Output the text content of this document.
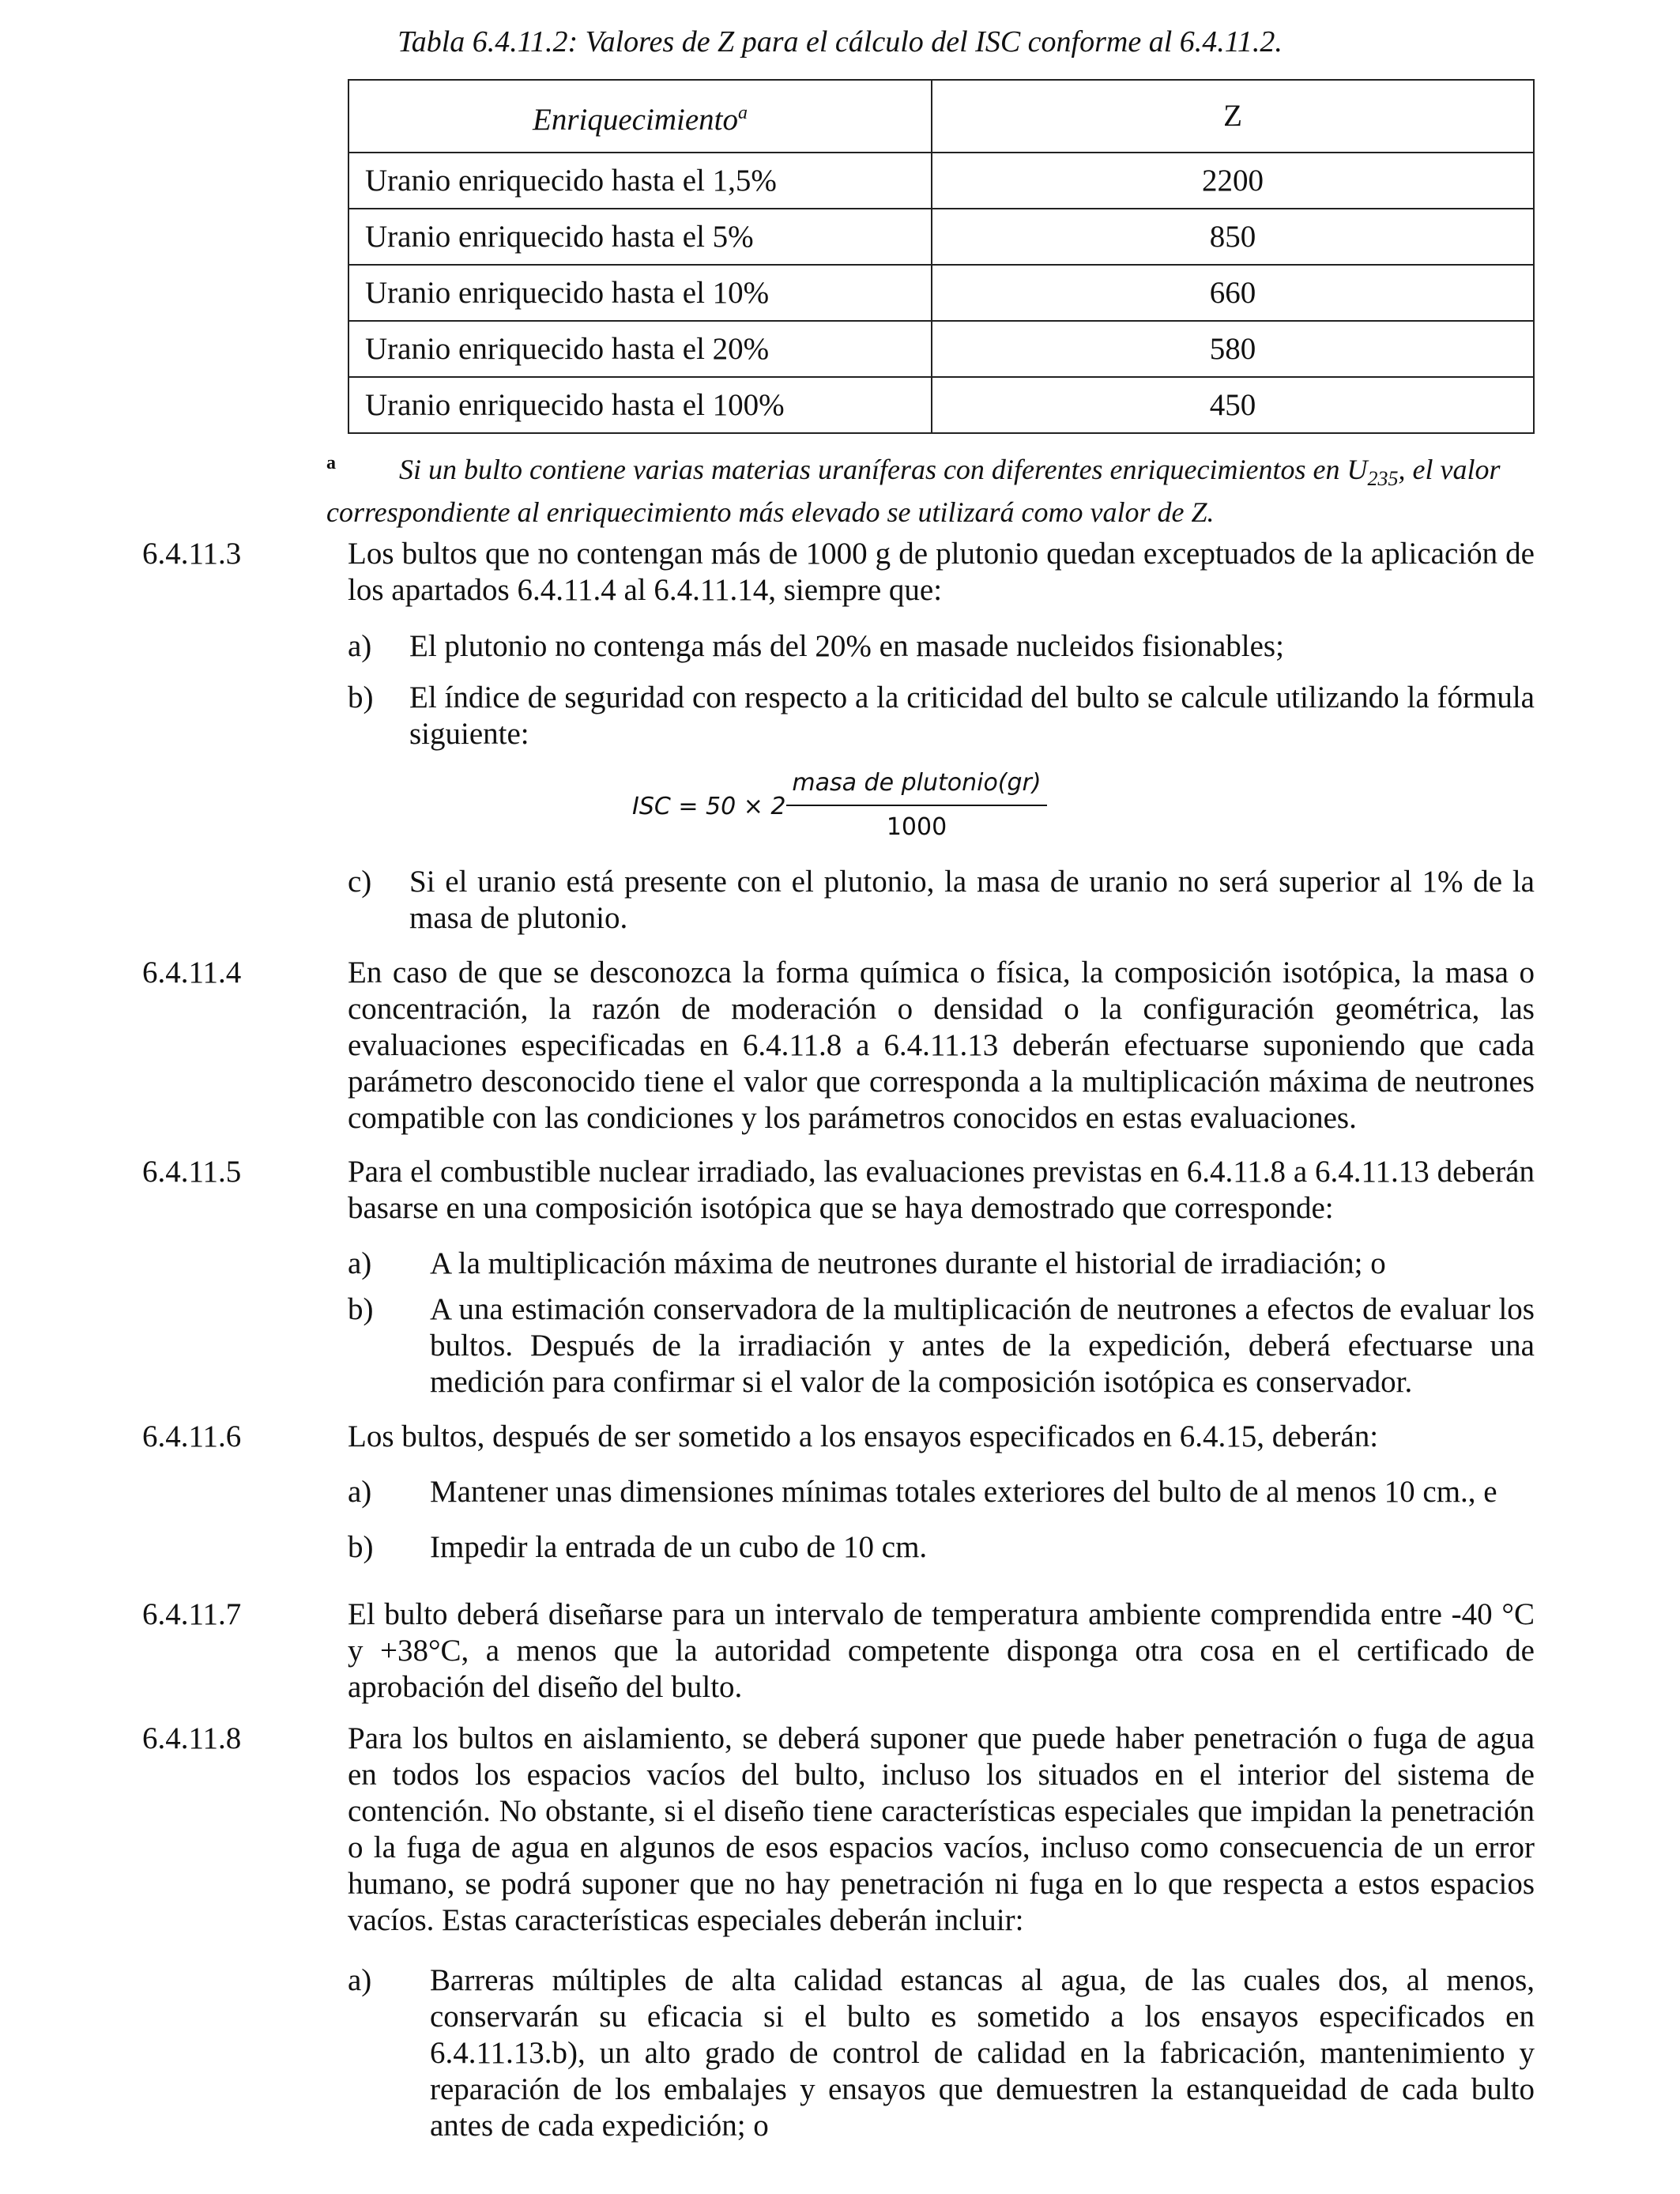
Tabla 6.4.11.2: Valores de Z para el cálculo del ISC conforme al 6.4.11.2.
Enriquecimiento$^a$	Z
Uranio enriquecido hasta el 1,5%	2200
Uranio enriquecido hasta el 5%	850
Uranio enriquecido hasta el 10%	660
Uranio enriquecido hasta el 20%	580
Uranio enriquecido hasta el 100%	450
$^a$ Si un bulto contiene varias materias uraníferas con diferentes enriquecimientos en $U_{235}$, el valor correspondiente al enriquecimiento más elevado se utilizará como valor de Z.
6.4.11.3	Los bultos que no contengan más de 1000 g de plutonio quedan exceptuados de la aplicación de los apartados 6.4.11.4 al 6.4.11.14, siempre que:
a) El plutonio no contenga más del 20% en masade nucleidos fisionables;
b) El índice de seguridad con respecto a la criticidad del bulto se calcule utilizando la fórmula siguiente:
ISC = 50 × 2
masa de plutonio(gr)
1000
c) Si el uranio está presente con el plutonio, la masa de uranio no será superior al 1% de la masa de plutonio.
6.4.11.4	En caso de que se desconozca la forma química o física, la composición isotópica, la masa o concentración, la razón de moderación o densidad o la configuración geométrica, las evaluaciones especificadas en 6.4.11.8 a 6.4.11.13 deberán efectuarse suponiendo que cada parámetro desconocido tiene el valor que corresponda a la multiplicación máxima de neutrones compatible con las condiciones y los parámetros conocidos en estas evaluaciones.
6.4.11.5	Para el combustible nuclear irradiado, las evaluaciones previstas en 6.4.11.8 a 6.4.11.13 deberán basarse en una composición isotópica que se haya demostrado que corresponde:
a) A la multiplicación máxima de neutrones durante el historial de irradiación; o
b) A una estimación conservadora de la multiplicación de neutrones a efectos de evaluar los bultos. Después de la irradiación y antes de la expedición, deberá efectuarse una medición para confirmar si el valor de la composición isotópica es conservador.
6.4.11.6	Los bultos, después de ser sometido a los ensayos especificados en 6.4.15, deberán:
a) Mantener unas dimensiones mínimas totales exteriores del bulto de al menos 10 cm., e
b) Impedir la entrada de un cubo de 10 cm.
6.4.11.7	El bulto deberá diseñarse para un intervalo de temperatura ambiente comprendida entre -40 °C y +38°C, a menos que la autoridad competente disponga otra cosa en el certificado de aprobación del diseño del bulto.
6.4.11.8	Para los bultos en aislamiento, se deberá suponer que puede haber penetración o fuga de agua en todos los espacios vacíos del bulto, incluso los situados en el interior del sistema de contención. No obstante, si el diseño tiene características especiales que impidan la penetración o la fuga de agua en algunos de esos espacios vacíos, incluso como consecuencia de un error humano, se podrá suponer que no hay penetración ni fuga en lo que respecta a estos espacios vacíos. Estas características especiales deberán incluir:
a) Barreras múltiples de alta calidad estancas al agua, de las cuales dos, al menos, conservarán su eficacia si el bulto es sometido a los ensayos especificados en 6.4.11.13.b), un alto grado de control de calidad en la fabricación, mantenimiento y reparación de los embalajes y ensayos que demuestren la estanqueidad de cada bulto antes de cada expedición; o
